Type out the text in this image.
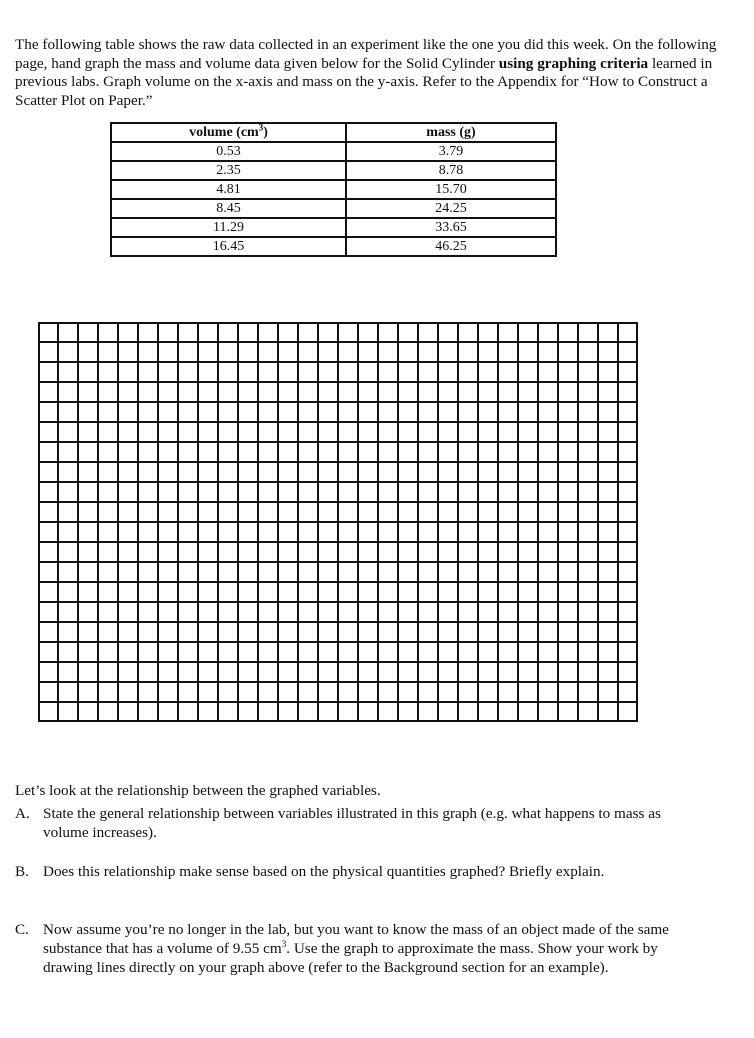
The following table shows the raw data collected in an experiment like the one you did this week. On the following page, hand graph the mass and volume data given below for the Solid Cylinder using graphing criteria learned in previous labs. Graph volume on the x-axis and mass on the y-axis. Refer to the Appendix for “How to Construct a Scatter Plot on Paper.”

volume $(cm^3)$	mass (g)
0.53	3.79
2.35	8.78
4.81	15.70
8.45	24.25
11.29	33.65
16.45	46.25

Let’s look at the relationship between the graphed variables.

A. State the general relationship between variables illustrated in this graph (e.g. what happens to mass as volume increases).
B. Does this relationship make sense based on the physical quantities graphed? Briefly explain.
C. Now assume you’re no longer in the lab, but you want to know the mass of an object made of the same substance that has a volume of 9.55 $cm^3$. Use the graph to approximate the mass. Show your work by drawing lines directly on your graph above (refer to the Background section for an example).
